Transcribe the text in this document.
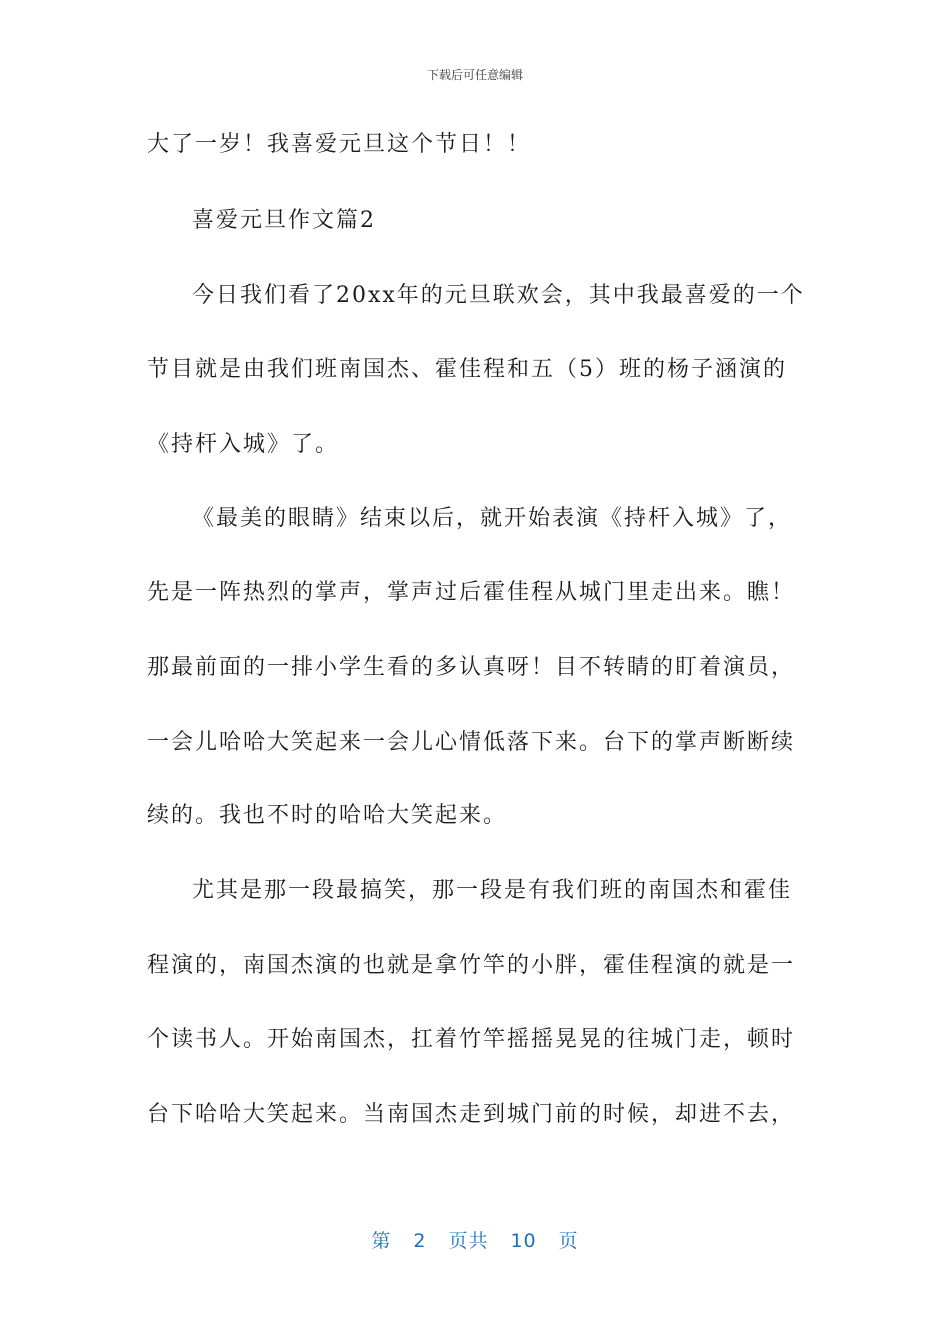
下载后可任意编辑
大了一岁！我喜爱元旦这个节日！！
喜爱元旦作文篇2
今日我们看了20xx年的元旦联欢会，其中我最喜爱的一个
节目就是由我们班南国杰、霍佳程和五（5）班的杨子涵演的
《持杆入城》了。
《最美的眼睛》结束以后，就开始表演《持杆入城》了，
先是一阵热烈的掌声，掌声过后霍佳程从城门里走出来。瞧！
那最前面的一排小学生看的多认真呀！目不转睛的盯着演员，
一会儿哈哈大笑起来一会儿心情低落下来。台下的掌声断断续
续的。我也不时的哈哈大笑起来。
尤其是那一段最搞笑，那一段是有我们班的南国杰和霍佳
程演的，南国杰演的也就是拿竹竿的小胖，霍佳程演的就是一
个读书人。开始南国杰，扛着竹竿摇摇晃晃的往城门走，顿时
台下哈哈大笑起来。当南国杰走到城门前的时候，却进不去，
第 2 页共 10 页
